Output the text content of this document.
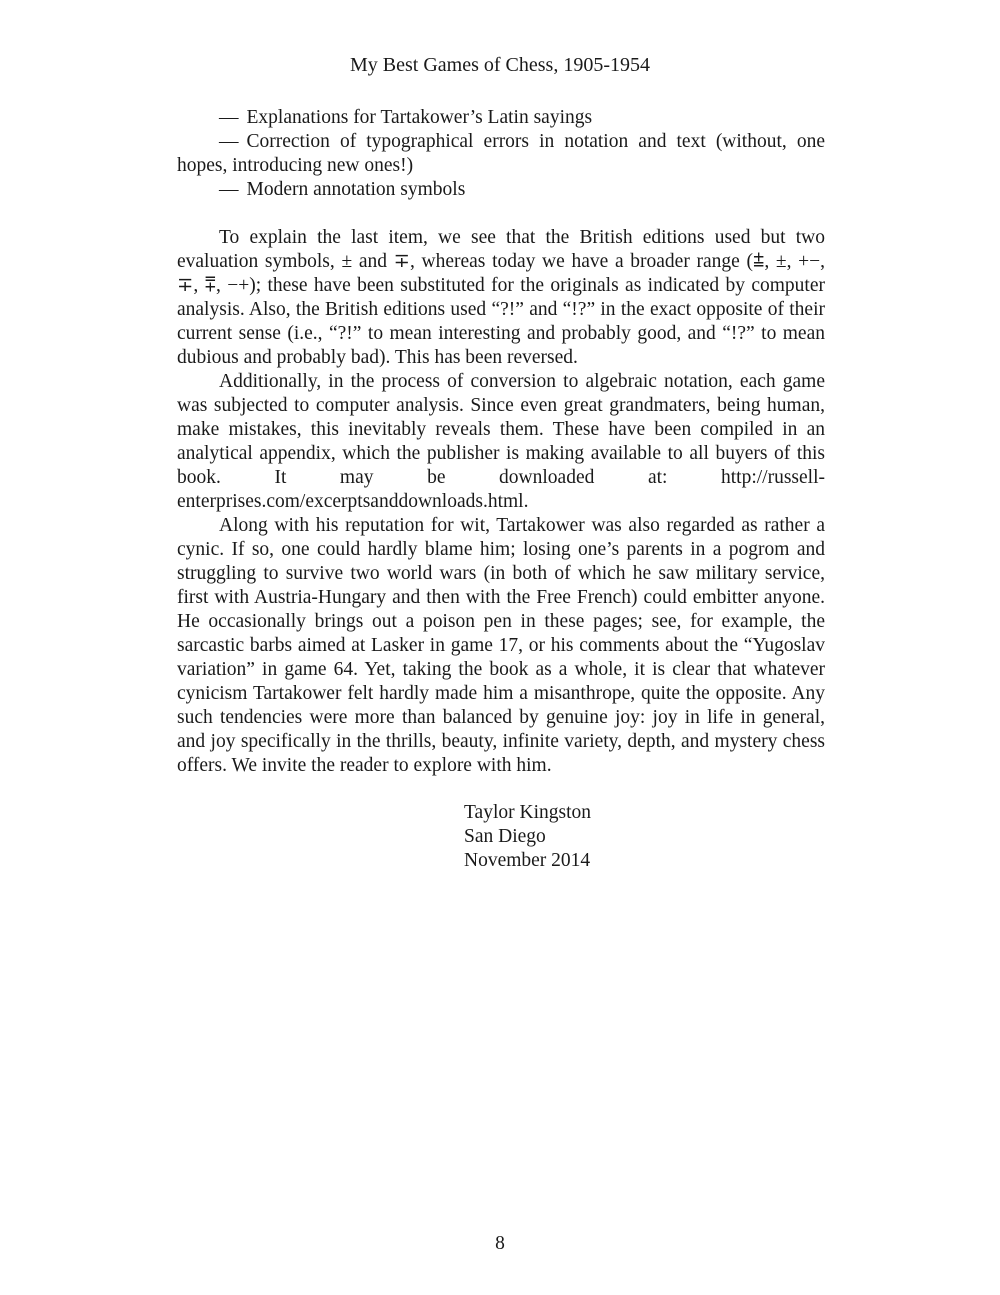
My Best Games of Chess, 1905-1954

— Explanations for Tartakower’s Latin sayings

— Correction of typographical errors in notation and text (without, one hopes, introducing new ones!)

— Modern annotation symbols

To explain the last item, we see that the British editions used but two evaluation symbols, ± and ∓, whereas today we have a broader range (⩲, ±, +−, ∓, ⩱, −+); these have been substituted for the originals as indicated by computer analysis. Also, the British editions used “?!” and “!?” in the exact opposite of their current sense (i.e., “?!” to mean interesting and probably good, and “!?” to mean dubious and probably bad). This has been reversed.

Additionally, in the process of conversion to algebraic notation, each game was subjected to computer analysis. Since even great grandmaters, being human, make mistakes, this inevitably reveals them. These have been compiled in an analytical appendix, which the publisher is making available to all buyers of this book. It may be downloaded at: http://russell-enterprises.com/excerptsanddownloads.html.

Along with his reputation for wit, Tartakower was also regarded as rather a cynic. If so, one could hardly blame him; losing one’s parents in a pogrom and struggling to survive two world wars (in both of which he saw military service, first with Austria-Hungary and then with the Free French) could embitter anyone. He occasionally brings out a poison pen in these pages; see, for example, the sarcastic barbs aimed at Lasker in game 17, or his comments about the “Yugoslav variation” in game 64. Yet, taking the book as a whole, it is clear that whatever cynicism Tartakower felt hardly made him a misanthrope, quite the opposite. Any such tendencies were more than balanced by genuine joy: joy in life in general, and joy specifically in the thrills, beauty, infinite variety, depth, and mystery chess offers. We invite the reader to explore with him.

Taylor Kingston
San Diego
November 2014
8
